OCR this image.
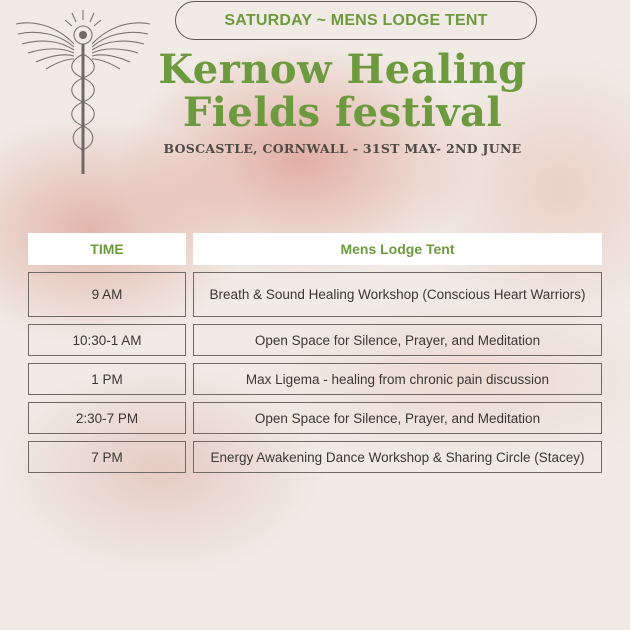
SATURDAY ~ MENS LODGE TENT
Kernow Healing
Fields festival
BOSCASTLE, CORNWALL - 31ST MAY- 2ND JUNE
TIME	Mens Lodge Tent
9 AM	Breath & Sound Healing Workshop (Conscious Heart Warriors)
10:30-1 AM	Open Space for Silence, Prayer, and Meditation
1 PM	Max Ligema - healing from chronic pain discussion
2:30-7 PM	Open Space for Silence, Prayer, and Meditation
7 PM	Energy Awakening Dance Workshop & Sharing Circle (Stacey)
